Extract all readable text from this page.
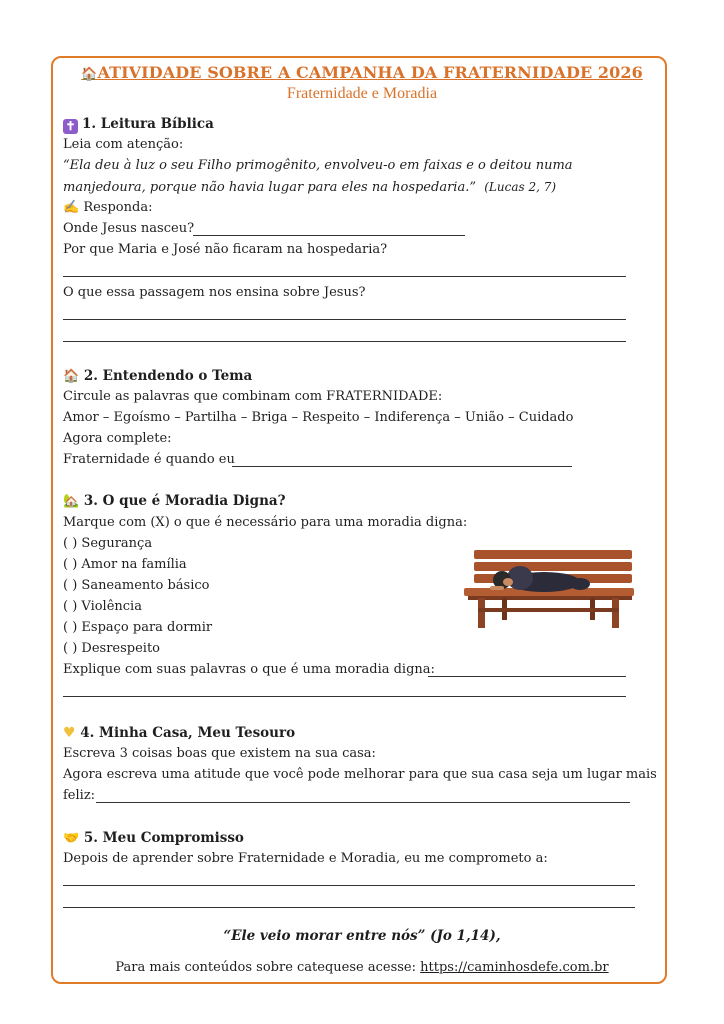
🏠ATIVIDADE SOBRE A CAMPANHA DA FRATERNIDADE 2026
Fraternidade e Moradia
✝ 1. Leitura Bíblica
Leia com atenção:
“Ela deu à luz o seu Filho primogênito, envolveu-o em faixas e o deitou numa
manjedoura, porque não havia lugar para eles na hospedaria.” (Lucas 2, 7)
✍ Responda:
Onde Jesus nasceu?
Por que Maria e José não ficaram na hospedaria?
O que essa passagem nos ensina sobre Jesus?
🏠 2. Entendendo o Tema
Circule as palavras que combinam com FRATERNIDADE:
Amor – Egoísmo – Partilha – Briga – Respeito – Indiferença – União – Cuidado
Agora complete:
Fraternidade é quando eu
🏡 3. O que é Moradia Digna?
Marque com (X) o que é necessário para uma moradia digna:
( ) Segurança
( ) Amor na família
( ) Saneamento básico
( ) Violência
( ) Espaço para dormir
( ) Desrespeito
Explique com suas palavras o que é uma moradia digna:
♥ 4. Minha Casa, Meu Tesouro
Escreva 3 coisas boas que existem na sua casa:
Agora escreva uma atitude que você pode melhorar para que sua casa seja um lugar mais
feliz:
🤝 5. Meu Compromisso
Depois de aprender sobre Fraternidade e Moradia, eu me comprometo a:
“Ele veio morar entre nós” (Jo 1,14),
Para mais conteúdos sobre catequese acesse: https://caminhosdefe.com.br
